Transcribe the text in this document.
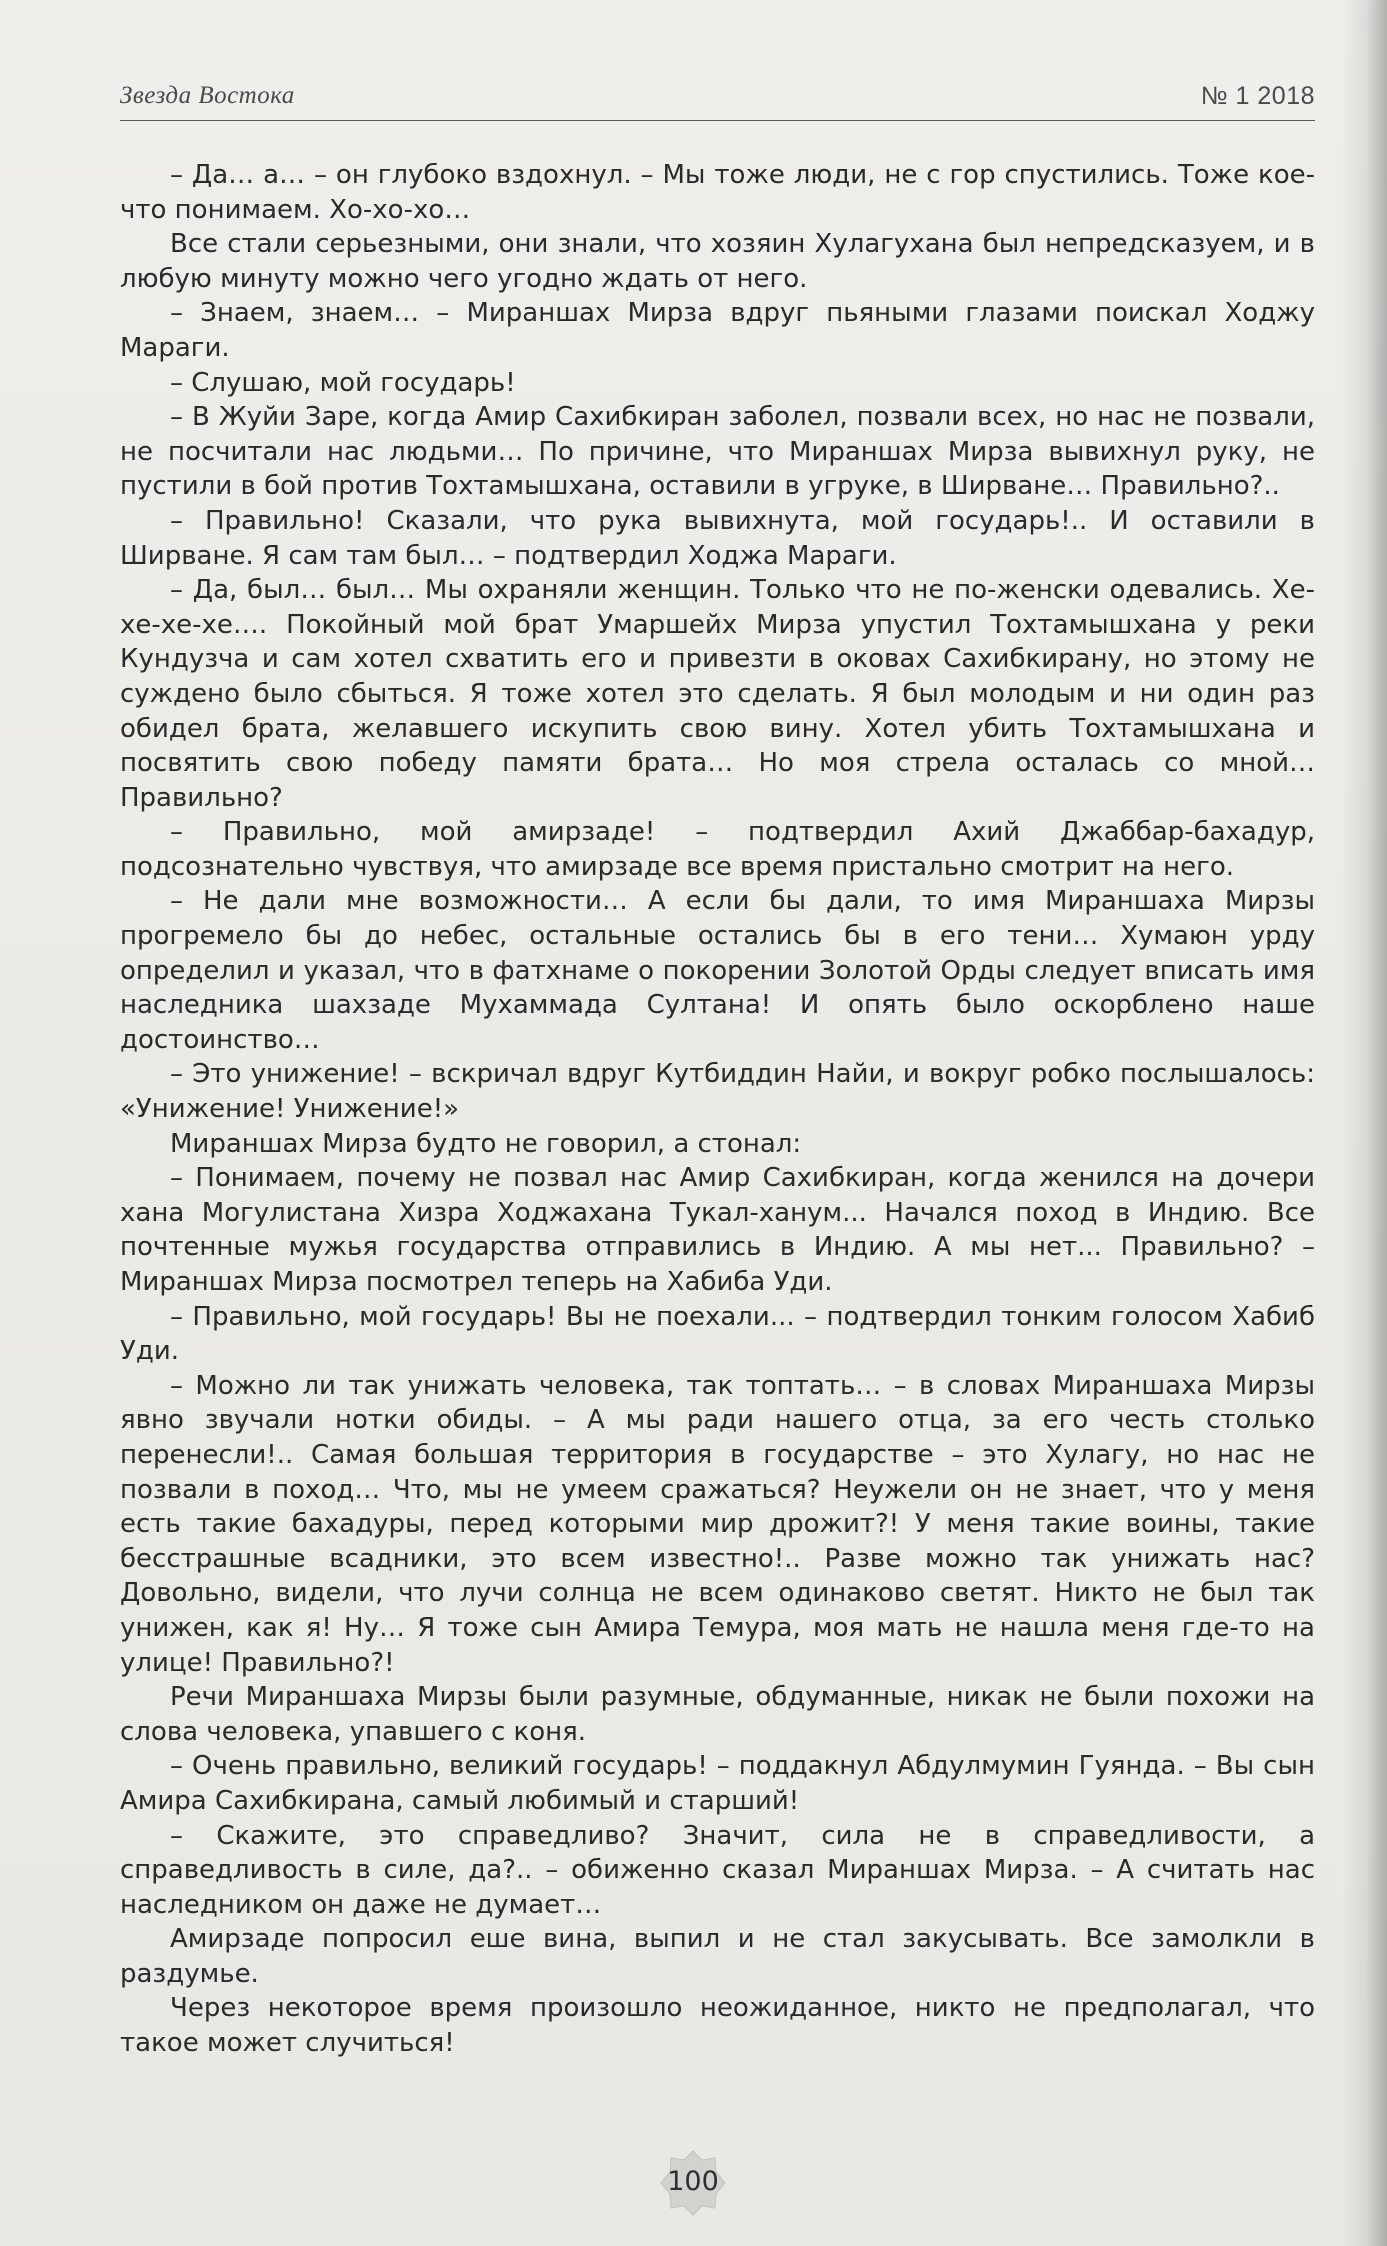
Звезда Востока	№ 1 2018

– Да… а… – он глубоко вздохнул. – Мы тоже люди, не с гор спустились. Тоже кое-что понимаем. Хо-хо-хо…

Все стали серьезными, они знали, что хозяин Хулагухана был непредсказуем, и в любую минуту можно чего угодно ждать от него.

– Знаем, знаем… – Мираншах Мирза вдруг пьяными глазами поискал Ходжу Мараги.

– Слушаю, мой государь!

– В Жуйи Заре, когда Амир Сахибкиран заболел, позвали всех, но нас не позвали, не посчитали нас людьми… По причине, что Мираншах Мирза вывихнул руку, не пустили в бой против Тохтамышхана, оставили в угруке, в Ширване… Правильно?..

– Правильно! Сказали, что рука вывихнута, мой государь!.. И оставили в Ширване. Я сам там был… – подтвердил Ходжа Мараги.

– Да, был… был… Мы охраняли женщин. Только что не по-женски одевались. Хе-хе-хе-хе…. Покойный мой брат Умаршейх Мирза упустил Тохтамышхана у реки Кундузча и сам хотел схватить его и привезти в оковах Сахибкирану, но этому не суждено было сбыться. Я тоже хотел это сделать. Я был молодым и ни один раз обидел брата, желавшего искупить свою вину. Хотел убить Тохтамышхана и посвятить свою победу памяти брата… Но моя стрела осталась со мной… Правильно?

– Правильно, мой амирзаде! – подтвердил Ахий Джаббар-бахадур, подсознательно чувствуя, что амирзаде все время пристально смотрит на него.

– Не дали мне возможности… А если бы дали, то имя Мираншаха Мирзы прогремело бы до небес, остальные остались бы в его тени… Хумаюн урду определил и указал, что в фатхнаме о покорении Золотой Орды следует вписать имя наследника шахзаде Мухаммада Султана! И опять было оскорблено наше достоинство…

– Это унижение! – вскричал вдруг Кутбиддин Найи, и вокруг робко послышалось: «Унижение! Унижение!»

Мираншах Мирза будто не говорил, а стонал:

– Понимаем, почему не позвал нас Амир Сахибкиран, когда женился на дочери хана Могулистана Хизра Ходжахана Тукал-ханум... Начался поход в Индию. Все почтенные мужья государства отправились в Индию. А мы нет... Правильно? – Мираншах Мирза посмотрел теперь на Хабиба Уди.

– Правильно, мой государь! Вы не поехали... – подтвердил тонким голосом Хабиб Уди.

– Можно ли так унижать человека, так топтать… – в словах Мираншаха Мирзы явно звучали нотки обиды. – А мы ради нашего отца, за его честь столько перенесли!.. Самая большая территория в государстве – это Хулагу, но нас не позвали в поход… Что, мы не умеем сражаться? Неужели он не знает, что у меня есть такие бахадуры, перед которыми мир дрожит?! У меня такие воины, такие бесстрашные всадники, это всем известно!.. Разве можно так унижать нас? Довольно, видели, что лучи солнца не всем одинаково светят. Никто не был так унижен, как я! Ну… Я тоже сын Амира Темура, моя мать не нашла меня где-то на улице! Правильно?!

Речи Мираншаха Мирзы были разумные, обдуманные, никак не были похожи на слова человека, упавшего с коня.

– Очень правильно, великий государь! – поддакнул Абдулмумин Гуянда. – Вы сын Амира Сахибкирана, самый любимый и старший!

– Скажите, это справедливо? Значит, сила не в справедливости, а справедливость в силе, да?.. – обиженно сказал Мираншах Мирза. – А считать нас наследником он даже не думает…

Амирзаде попросил еше вина, выпил и не стал закусывать. Все замолкли в раздумье.

Через некоторое время произошло неожиданное, никто не предполагал, что такое может случиться!

100
